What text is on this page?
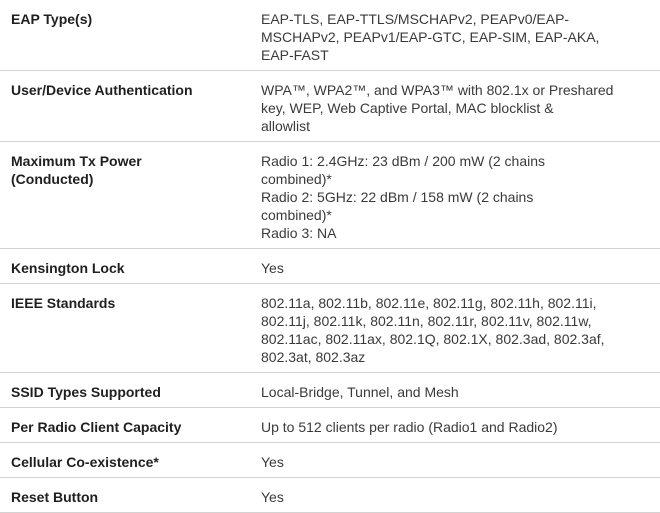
EAP Type(s)	EAP-TLS, EAP-TTLS/MSCHAPv2, PEAPv0/EAP-
MSCHAPv2, PEAPv1/EAP-GTC, EAP-SIM, EAP-AKA,
EAP-FAST
User/Device Authentication	WPA™, WPA2™, and WPA3™ with 802.1x or Preshared
key, WEP, Web Captive Portal, MAC blocklist &
allowlist
Maximum Tx Power
(Conducted)	Radio 1: 2.4GHz: 23 dBm / 200 mW (2 chains
combined)*
Radio 2: 5GHz: 22 dBm / 158 mW (2 chains
combined)*
Radio 3: NA
Kensington Lock	Yes
IEEE Standards	802.11a, 802.11b, 802.11e, 802.11g, 802.11h, 802.11i,
802.11j, 802.11k, 802.11n, 802.11r, 802.11v, 802.11w,
802.11ac, 802.11ax, 802.1Q, 802.1X, 802.3ad, 802.3af,
802.3at, 802.3az
SSID Types Supported	Local-Bridge, Tunnel, and Mesh
Per Radio Client Capacity	Up to 512 clients per radio (Radio1 and Radio2)
Cellular Co-existence*	Yes
Reset Button	Yes
